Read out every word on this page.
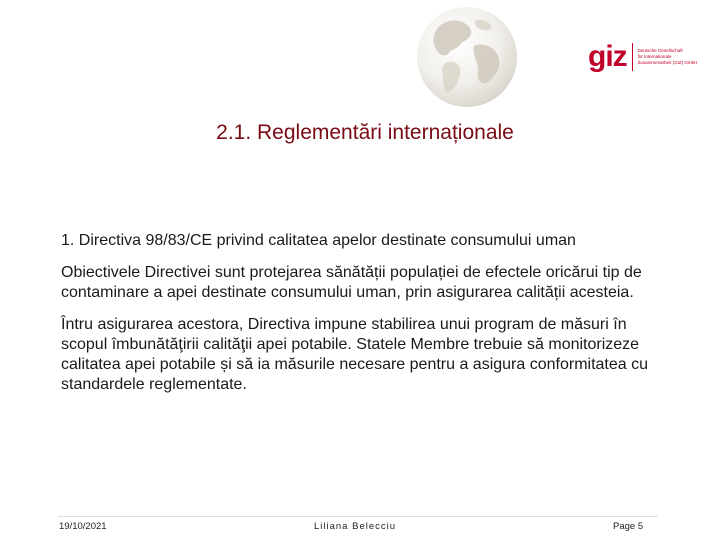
giz Deutsche Gesellschaft
für Internationale
Zusammenarbeit (GIZ) GmbH
2.1. Reglementări internaționale

1. Directiva 98/83/CE privind calitatea apelor destinate consumului uman

Obiectivele Directivei sunt protejarea sănătății populației de efectele oricărui tip de contaminare a apei destinate consumului uman, prin asigurarea calității acesteia.

Întru asigurarea acestora, Directiva impune stabilirea unui program de măsuri în scopul îmbunătăţirii calităţii apei potabile. Statele Membre trebuie să monitorizeze calitatea apei potabile și să ia măsurile necesare pentru a asigura conformitatea cu standardele reglementate.

19/10/2021	Liliana Belecciu	Page 5
